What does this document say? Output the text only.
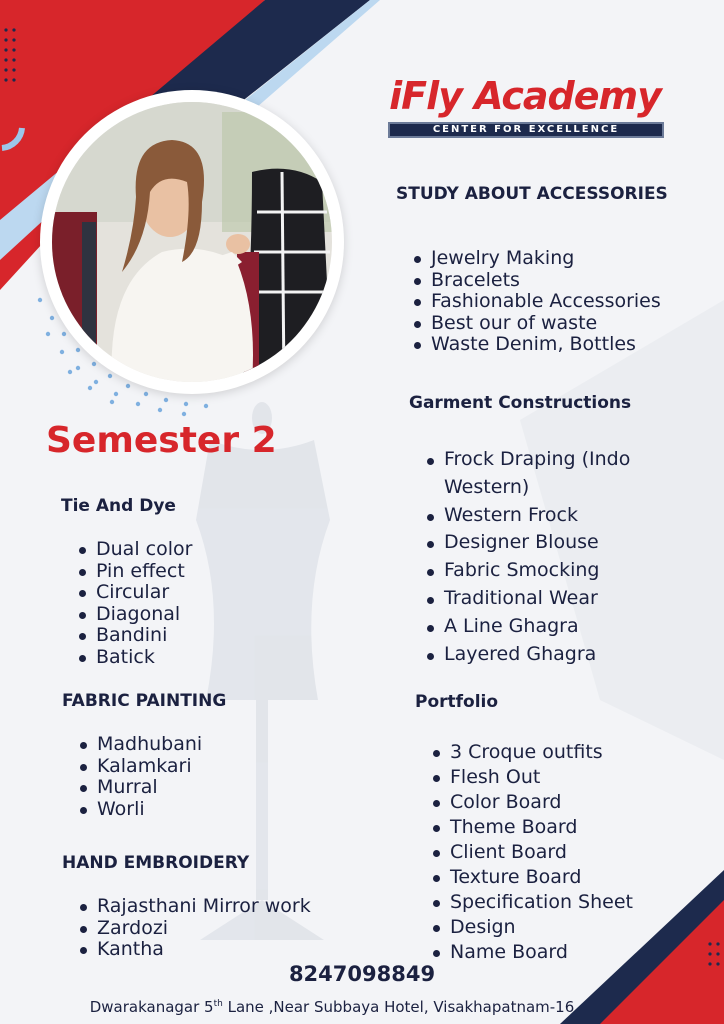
iFly Academy
CENTER FOR EXCELLENCE
Semester 2
Tie And Dye
Dual color
Pin effect
Circular
Diagonal
Bandini
Batick
FABRIC PAINTING
Madhubani
Kalamkari
Murral
Worli
HAND EMBROIDERY
Rajasthani Mirror work
Zardozi
Kantha
STUDY ABOUT ACCESSORIES
Jewelry Making
Bracelets
Fashionable Accessories
Best our of waste
Waste Denim, Bottles
Garment Constructions
Frock Draping (Indo Western)
Western Frock
Designer Blouse
Fabric Smocking
Traditional Wear
A Line Ghagra
Layered Ghagra
Portfolio
3 Croque outfits
Flesh Out
Color Board
Theme Board
Client Board
Texture Board
Specification Sheet
Design
Name Board
8247098849
Dwarakanagar 5th Lane ,Near Subbaya Hotel, Visakhapatnam-16
